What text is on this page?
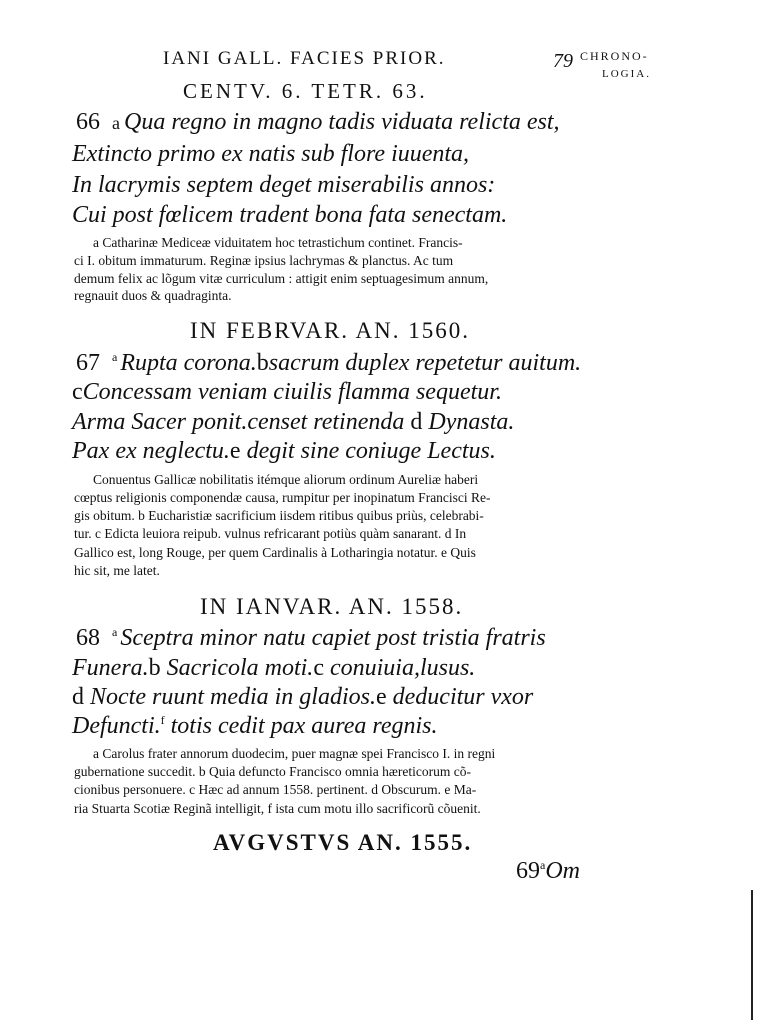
IANI GALL. FACIES PRIOR.	79 CHRONO-
LOGIA.
CENTV. 6. TETR. 63.
66 a Qua regno in magno tadis viduata relicta est,
Extincto primo ex natis sub flore iuuenta,
In lacrymis septem deget miserabilis annos:
Cui post fœlicem tradent bona fata senectam.
a Catharinæ Mediceæ viduitatem hoc tetrastichum continet. Francis-
ci I. obitum immaturum. Reginæ ipsius lachrymas & planctus. Ac tum
demum felix ac lõgum vitæ curriculum : attigit enim septuagesimum annum,
regnauit duos & quadraginta.
IN FEBRVAR. AN. 1560.
67 $^a$ Rupta corona.bsacrum duplex repetetur auitum.
cConcessam veniam ciuilis flamma sequetur.
Arma Sacer ponit.censet retinenda d Dynasta.
Pax ex neglectu.e degit sine coniuge Lectus.
Conuentus Gallicæ nobilitatis itémque aliorum ordinum Aureliæ haberi
cœptus religionis componendæ causa, rumpitur per inopinatum Francisci Re-
gis obitum. b Eucharistiæ sacrificium iisdem ritibus quibus priùs, celebrabi-
tur. c Edicta leuiora reipub. vulnus refricarant potiùs quàm sanarant. d In
Gallico est, long Rouge, per quem Cardinalis à Lotharingia notatur. e Quis
hic sit, me latet.
IN IANVAR. AN. 1558.
68 $^a$ Sceptra minor natu capiet post tristia fratris
Funera.b Sacricola moti.c conuiuia,lusus.
d Nocte ruunt media in gladios.e deducitur vxor
Defuncti.$^f$ totis cedit pax aurea regnis.
a Carolus frater annorum duodecim, puer magnæ spei Francisco I. in regni
gubernatione succedit. b Quia defuncto Francisco omnia hæreticorum cõ-
cionibus personuere. c Hæc ad annum 1558. pertinent. d Obscurum. e Ma-
ria Stuarta Scotiæ Reginã intelligit, f ista cum motu illo sacrificorũ cõuenit.
AVGVSTVS AN. 1555.
69$^a$Om
